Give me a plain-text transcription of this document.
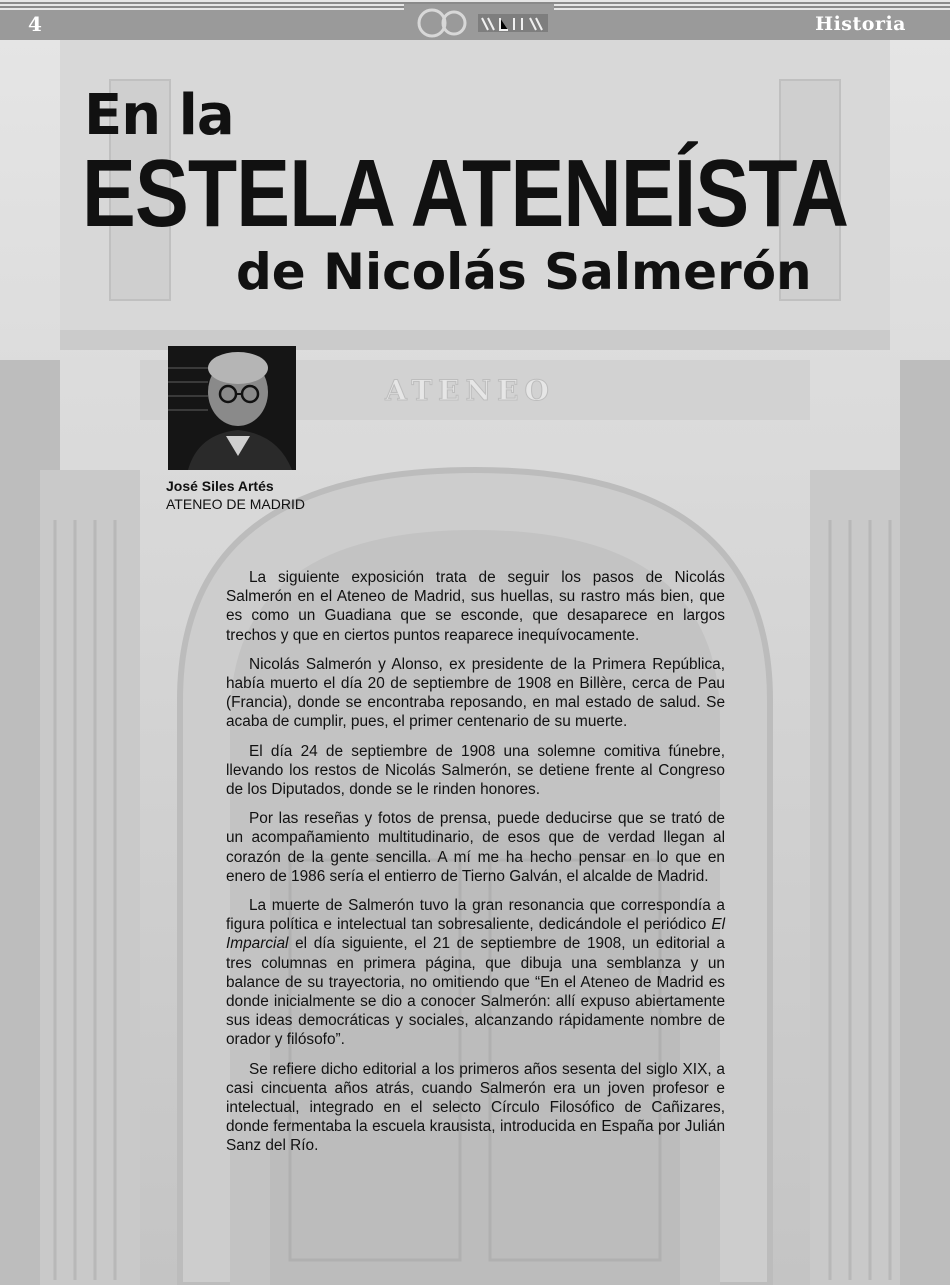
ATENEO
4	Historia
En la
ESTELA ATENEÍSTA
de Nicolás Salmerón
José Siles Artés
ATENEO DE MADRID

La siguiente exposición trata de seguir los pasos de Nicolás Salmerón en el Ateneo de Madrid, sus huellas, su rastro más bien, que es como un Guadiana que se esconde, que desaparece en largos trechos y que en ciertos puntos reaparece inequívocamente.

Nicolás Salmerón y Alonso, ex presidente de la Primera República, había muerto el día 20 de septiembre de 1908 en Billère, cerca de Pau (Francia), donde se encontraba reposando, en mal estado de salud. Se acaba de cumplir, pues, el primer centenario de su muerte.

El día 24 de septiembre de 1908 una solemne comitiva fúnebre, llevando los restos de Nicolás Salmerón, se detiene frente al Congreso de los Diputados, donde se le rinden honores.

Por las reseñas y fotos de prensa, puede deducirse que se trató de un acompañamiento multitudinario, de esos que de verdad llegan al corazón de la gente sencilla. A mí me ha hecho pensar en lo que en enero de 1986 sería el entierro de Tierno Galván, el alcalde de Madrid.

La muerte de Salmerón tuvo la gran resonancia que correspondía a figura política e intelectual tan sobresaliente, dedicándole el periódico El Imparcial el día siguiente, el 21 de septiembre de 1908, un editorial a tres columnas en primera página, que dibuja una semblanza y un balance de su trayectoria, no omitiendo que “En el Ateneo de Madrid es donde inicialmente se dio a conocer Salmerón: allí expuso abiertamente sus ideas democráticas y sociales, alcanzando rápidamente nombre de orador y filósofo”.

Se refiere dicho editorial a los primeros años sesenta del siglo XIX, a casi cincuenta años atrás, cuando Salmerón era un joven profesor e intelectual, integrado en el selecto Círculo Filosófico de Cañizares, donde fermentaba la escuela krausista, introducida en España por Julián Sanz del Río.
